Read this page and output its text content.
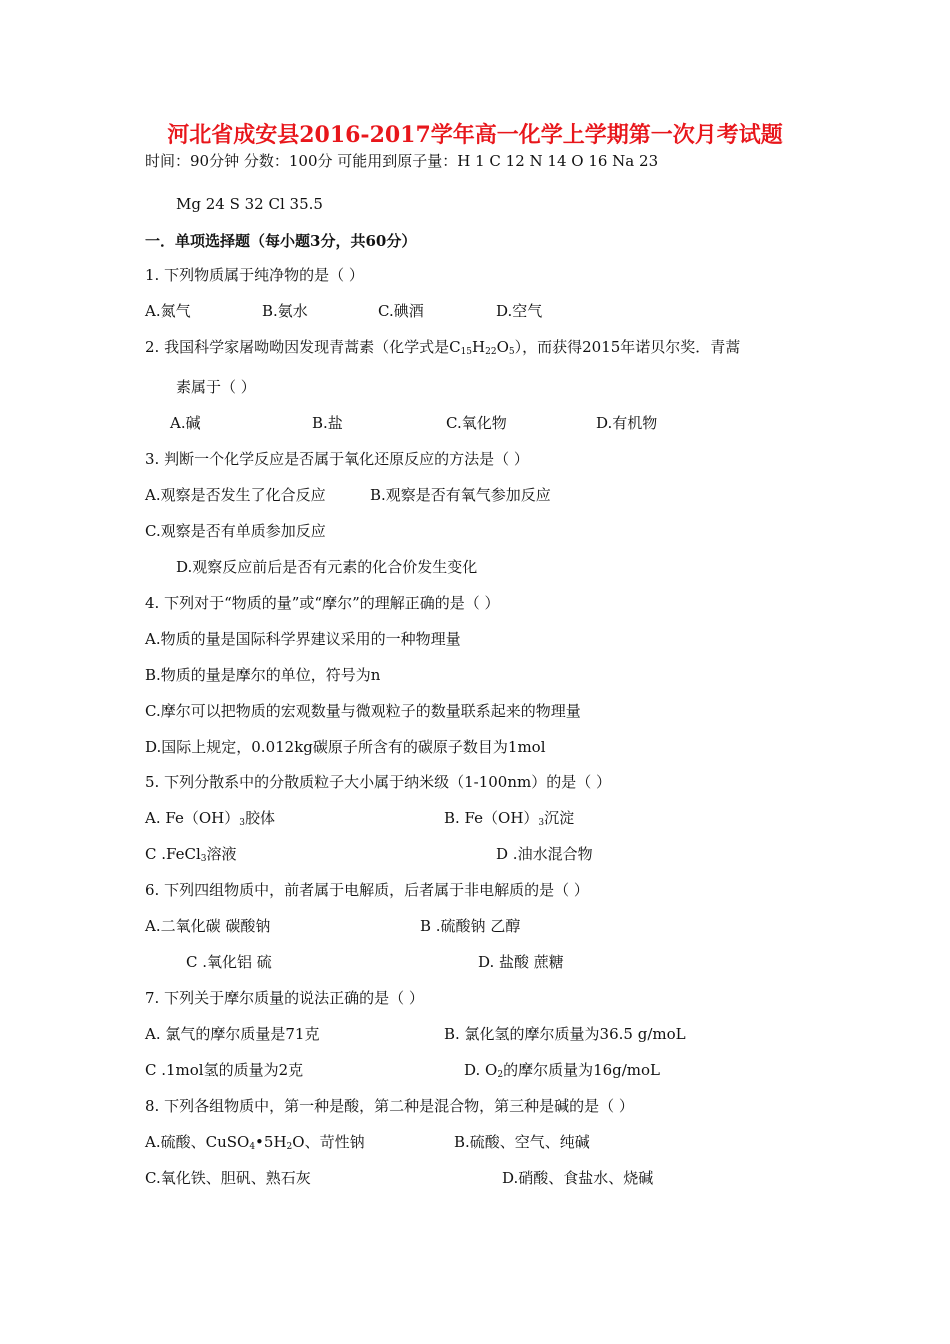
河北省成安县2016-2017学年高一化学上学期第一次月考试题
时间：90分钟 分数：100分 可能用到原子量：H 1 C 12 N 14 O 16 Na 23
Mg 24 S 32 Cl 35.5
一．单项选择题（每小题3分，共60分）
1. 下列物质属于纯净物的是（ ）
A.氮气	B.氨水	C.碘酒	D.空气
2. 我国科学家屠呦呦因发现青蒿素（化学式是$C_{15}H_{22}O_5$），而获得2015年诺贝尔奖．青蒿
素属于（ ）
A.碱	B.盐	C.氧化物	D.有机物
3. 判断一个化学反应是否属于氧化还原反应的方法是（ ）
A.观察是否发生了化合反应	B.观察是否有氧气参加反应
C.观察是否有单质参加反应
D.观察反应前后是否有元素的化合价发生变化
4. 下列对于“物质的量”或“摩尔”的理解正确的是（ ）
A.物质的量是国际科学界建议采用的一种物理量
B.物质的量是摩尔的单位，符号为n
C.摩尔可以把物质的宏观数量与微观粒子的数量联系起来的物理量
D.国际上规定，0.012kg碳原子所含有的碳原子数目为1mol
5. 下列分散系中的分散质粒子大小属于纳米级（1-100nm）的是（ ）
A. $Fe(OH)_3$胶体	B. $Fe(OH)_3$沉淀
C .FeCl$_3$溶液	D .油水混合物
6. 下列四组物质中，前者属于电解质，后者属于非电解质的是（ ）
A.二氧化碳 碳酸钠	B .硫酸钠 乙醇
C .氧化铝 硫	D. 盐酸 蔗糖
7. 下列关于摩尔质量的说法正确的是（ ）
A. 氯气的摩尔质量是71克	B. 氯化氢的摩尔质量为36.5 g/moL
C .1mol氢的质量为2克	D. $O_2$的摩尔质量为16g/moL
8. 下列各组物质中，第一种是酸，第二种是混合物，第三种是碱的是（ ）
A.硫酸、$CuSO_4•5H_2O$、苛性钠	B.硫酸、空气、纯碱
C.氧化铁、胆矾、熟石灰	D.硝酸、食盐水、烧碱
